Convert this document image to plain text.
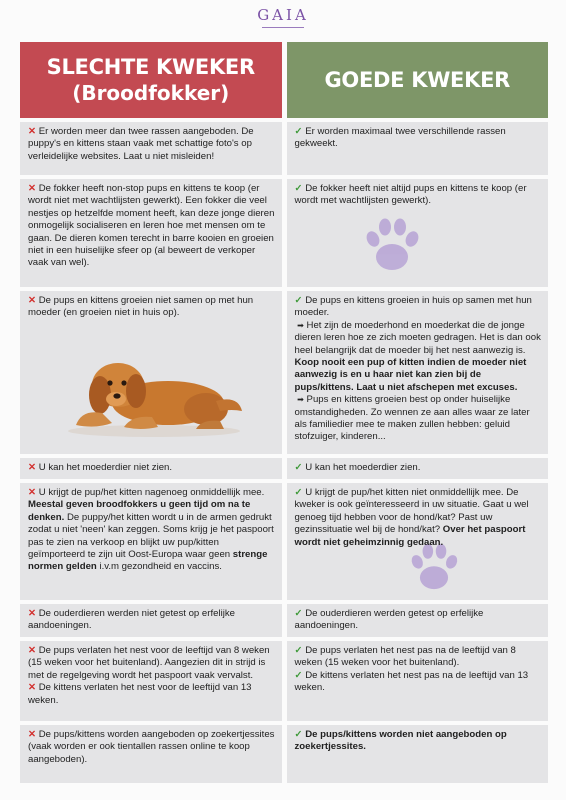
GAIA
SLECHTE KWEKER
(Broodfokker)
GOEDE KWEKER

✕ Er worden meer dan twee rassen aangeboden. De puppy's en kittens staan vaak met schattige foto's op verleidelijke websites. Laat u niet misleiden!

✓ Er worden maximaal twee verschillende rassen gekweekt.

✕ De fokker heeft non-stop pups en kittens te koop (er wordt niet met wachtlijsten gewerkt). Een fokker die veel nestjes op hetzelfde moment heeft, kan deze jonge dieren onmogelijk socialiseren en leren hoe met mensen om te gaan. De dieren komen terecht in barre kooien en groeien niet in een huiselijke sfeer op (al beweert de verkoper vaak van wel).

✓ De fokker heeft niet altijd pups en kittens te koop (er wordt met wachtlijsten gewerkt).

✕ De pups en kittens groeien niet samen op met hun moeder (en groeien niet in huis op).

✓ De pups en kittens groeien in huis op samen met hun moeder.

➡ Het zijn de moederhond en moederkat die de jonge dieren leren hoe ze zich moeten gedragen. Het is dan ook heel belangrijk dat de moeder bij het nest aanwezig is. Koop nooit een pup of kitten indien de moeder niet aanwezig is en u haar niet kan zien bij de pups/kittens. Laat u niet afschepen met excuses.

➡ Pups en kittens groeien best op onder huiselijke omstandigheden. Zo wennen ze aan alles waar ze later als familiedier mee te maken zullen hebben: geluid stofzuiger, kinderen...

✕ U kan het moederdier niet zien.	✓ U kan het moederdier zien.

✕ U krijgt de pup/het kitten nagenoeg onmiddellijk mee. Meestal geven broodfokkers u geen tijd om na te denken. De puppy/het kitten wordt u in de armen gedrukt zodat u niet 'neen' kan zeggen. Soms krijg je het paspoort pas te zien na verkoop en blijkt uw pup/kitten geïmporteerd te zijn uit Oost-Europa waar geen strenge normen gelden i.v.m gezondheid en vaccins.

✓ U krijgt de pup/het kitten niet onmiddellijk mee. De kweker is ook geïnteresseerd in uw situatie. Gaat u wel genoeg tijd hebben voor de hond/kat? Past uw gezinssituatie wel bij de hond/kat? Over het paspoort wordt niet geheimzinnig gedaan.

✕ De ouderdieren werden niet getest op erfelijke aandoeningen.

✓ De ouderdieren werden getest op erfelijke aandoeningen.

✕ De pups verlaten het nest voor de leeftijd van 8 weken (15 weken voor het buitenland). Aangezien dit in strijd is met de regelgeving wordt het paspoort vaak vervalst.

✕ De kittens verlaten het nest voor de leeftijd van 13 weken.

✓ De pups verlaten het nest pas na de leeftijd van 8 weken (15 weken voor het buitenland).

✓ De kittens verlaten het nest pas na de leeftijd van 13 weken.

✕ De pups/kittens worden aangeboden op zoekertjessites (vaak worden er ook tientallen rassen online te koop aangeboden).

✓ De pups/kittens worden niet aangeboden op zoekertjessites.
